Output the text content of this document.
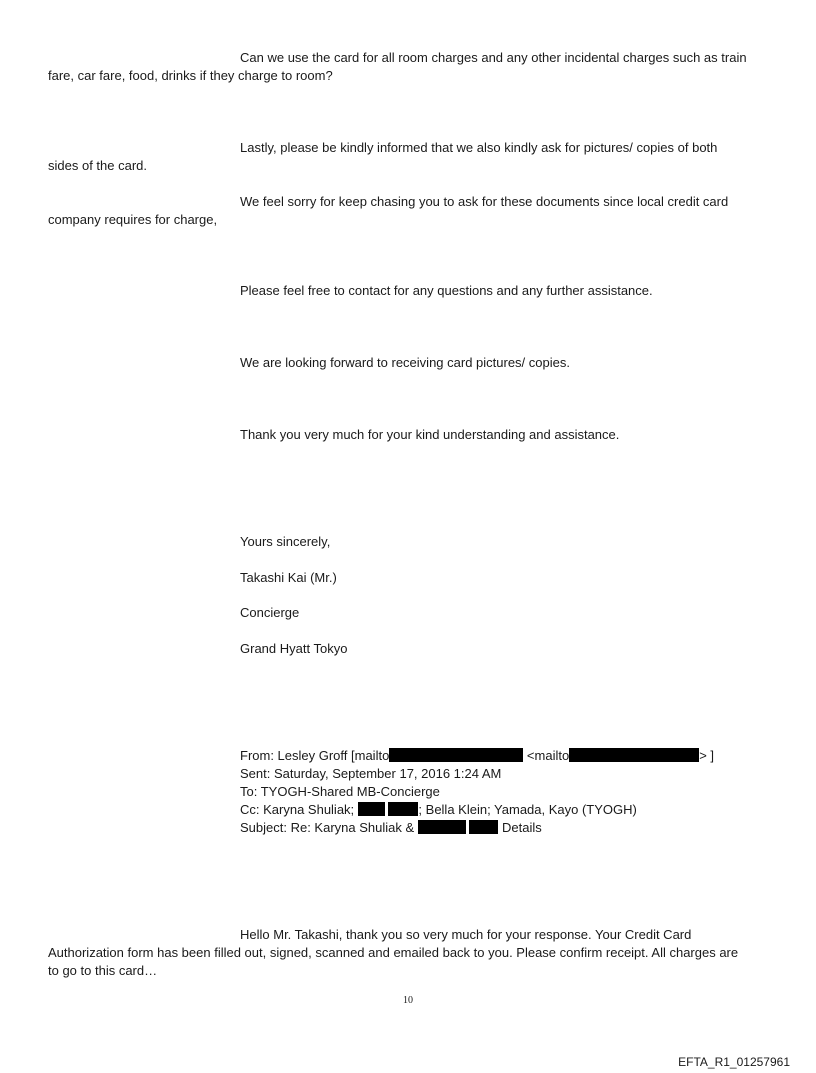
Can we use the card for all room charges and any other incidental charges such as train
fare, car fare, food, drinks if they charge to room?
Lastly, please be kindly informed that we also kindly ask for pictures/ copies of both
sides of the card.
We feel sorry for keep chasing you to ask for these documents since local credit card
company requires for charge,
Please feel free to contact for any questions and any further assistance.
We are looking forward to receiving card pictures/ copies.
Thank you very much for your kind understanding and assistance.
Yours sincerely,
Takashi Kai (Mr.)
Concierge
Grand Hyatt Tokyo
From: Lesley Groff [mailto	<mailto	> ]
Sent: Saturday, September 17, 2016 1:24 AM
To: TYOGH-Shared MB-Concierge
Cc: Karyna Shuliak;	; Bella Klein; Yamada, Kayo (TYOGH)
Subject: Re: Karyna Shuliak &	Details
Hello Mr. Takashi, thank you so very much for your response. Your Credit Card
Authorization form has been filled out, signed, scanned and emailed back to you. Please confirm receipt. All charges are
to go to this card…
10
EFTA_R1_01257961
